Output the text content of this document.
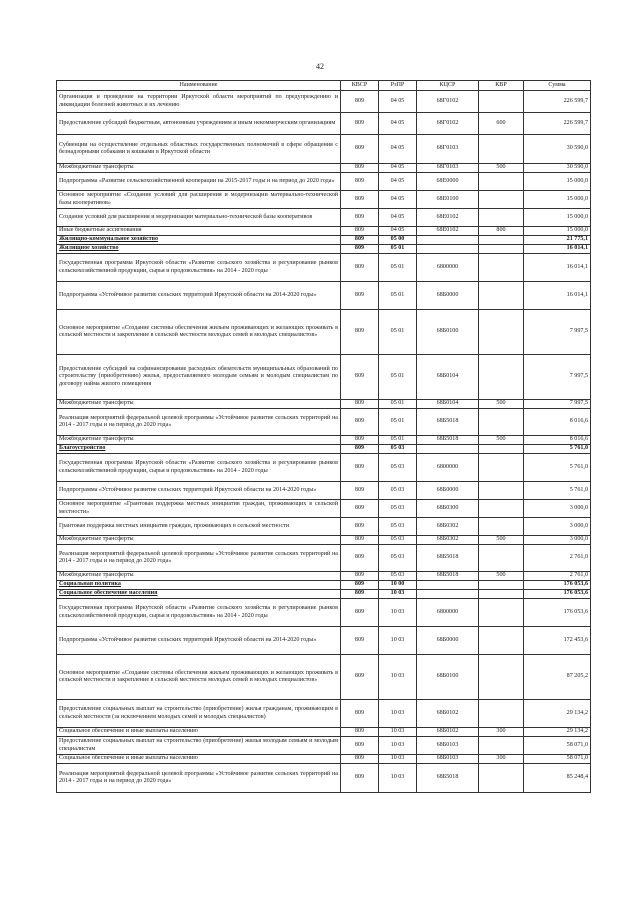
42
Наименование	КВСР	РзПР	КЦСР	КВР	Сумма
Организация и проведение на территории Иркутской области мероприятий по предупреждению и ликвидации болезней животных и их лечению	809	04 05	68Г0102		226 599,7
Предоставление субсидий бюджетным, автономным учреждениям и иным некоммерческим организациям	809	04 05	68Г0102	600	226 599,7
Субвенции на осуществление отдельных областных государственных полномочий в сфере обращения с безнадзорными собаками и кошками в Иркутской области	809	04 05	68Г0103		30 590,0
Межбюджетные трансферты	809	04 05	68Г0103	500	30 590,0
Подпрограмма «Развитие сельскохозяйственной кооперации на 2015-2017 годы и на период до 2020 года»	809	04 05	68Е0000		15 000,0
Основное мероприятие «Создание условий для расширения и модернизации материально-технической базы кооперативов»	809	04 05	68Е0100		15 000,0
Создание условий для расширения и модернизации материально-технической базы кооперативов	809	04 05	68Е0102		15 000,0
Иные бюджетные ассигнования	809	04 05	68Е0102	800	15 000,0
Жилищно-коммунальное хозяйство	809	05 00			21 775,1
Жилищное хозяйство	809	05 01			16 014,1
Государственная программа Иркутской области «Развитие сельского хозяйства и регулирование рынков сельскохозяйственной продукции, сырья и продовольствия» на 2014 - 2020 годы	809	05 01	6800000		16 014,1
Подпрограмма «Устойчивое развитие сельских территорий Иркутской области на 2014-2020 годы»	809	05 01	68Б0000		16 014,1
Основное мероприятие «Создание системы обеспечения жильем проживающих и желающих проживать в сельской местности и закрепление в сельской местности молодых семей и молодых специалистов»	809	05 01	68Б0100		7 997,5
Предоставление субсидий на софинансирование расходных обязательств муниципальных образований по строительству (приобретению) жилья, предоставляемого молодым семьям и молодым специалистам по договору найма жилого помещения	809	05 01	68Б0104		7 997,5
Межбюджетные трансферты	809	05 01	68Б0104	500	7 997,5
Реализация мероприятий федеральной целевой программы «Устойчивое развитие сельских территорий на 2014 - 2017 годы и на период до 2020 года»	809	05 01	68Б5018		8 016,6
Межбюджетные трансферты	809	05 01	68Б5018	500	8 016,6
Благоустройство	809	05 03			5 761,0
Государственная программа Иркутской области «Развитие сельского хозяйства и регулирование рынков сельскохозяйственной продукции, сырья и продовольствия» на 2014 - 2020 годы	809	05 03	6800000		5 761,0
Подпрограмма «Устойчивое развитие сельских территорий Иркутской области на 2014-2020 годы»	809	05 03	68Б0000		5 761,0
Основное мероприятие «Грантовая поддержка местных инициатив граждан, проживающих в сельской местности»	809	05 03	68Б0300		3 000,0
Грантовая поддержка местных инициатив граждан, проживающих в сельской местности	809	05 03	68Б0302		3 000,0
Межбюджетные трансферты	809	05 03	68Б0302	500	3 000,0
Реализация мероприятий федеральной целевой программы «Устойчивое развитие сельских территорий на 2014 - 2017 годы и на период до 2020 года»	809	05 03	68Б5018		2 761,0
Межбюджетные трансферты	809	05 03	68Б5018	500	2 761,0
Социальная политика	809	10 00			176 053,6
Социальное обеспечение населения	809	10 03			176 053,6
Государственная программа Иркутской области «Развитие сельского хозяйства и регулирование рынков сельскохозяйственной продукции, сырья и продовольствия» на 2014 - 2020 годы	809	10 03	6800000		176 053,6
Подпрограмма «Устойчивое развитие сельских территорий Иркутской области на 2014-2020 годы»	809	10 03	68Б0000		172 453,6
Основное мероприятие «Создание системы обеспечения жильем проживающих и желающих проживать в сельской местности и закрепление в сельской местности молодых семей и молодых специалистов»	809	10 03	68Б0100		87 205,2
Предоставление социальных выплат на строительство (приобретение) жилья гражданам, проживающим в сельской местности (за исключением молодых семей и молодых специалистов)	809	10 03	68Б0102		29 134,2
Социальное обеспечение и иные выплаты населению	809	10 03	68Б0102	300	29 134,2
Предоставление социальных выплат на строительство (приобретение) жилья молодым семьям и молодым специалистам	809	10 03	68Б0103		58 071,0
Социальное обеспечение и иные выплаты населению	809	10 03	68Б0103	300	58 071,0
Реализация мероприятий федеральной целевой программы «Устойчивое развитие сельских территорий на 2014 - 2017 годы и на период до 2020 года»	809	10 03	68Б5018		85 248,4
